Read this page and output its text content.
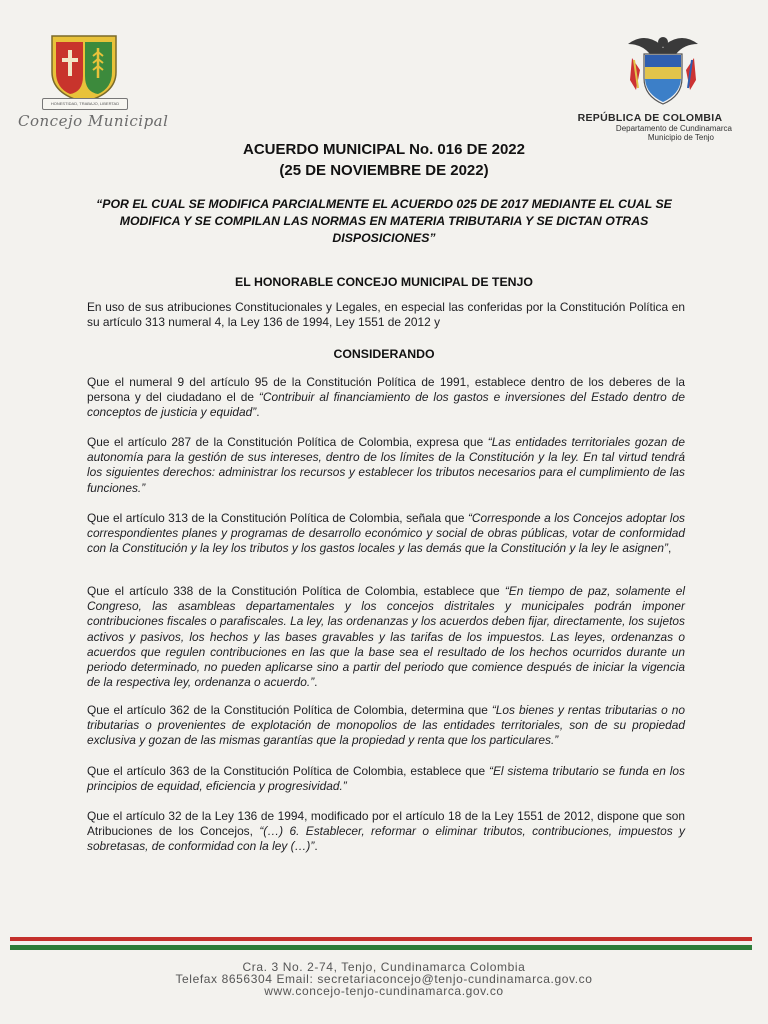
HONESTIDAD, TRABAJO, LIBERTAD
Concejo Municipal	REPÚBLICA DE COLOMBIA
Departamento de Cundinamarca
Municipio de Tenjo
ACUERDO MUNICIPAL No. 016 DE 2022
(25 DE NOVIEMBRE DE 2022)
“POR EL CUAL SE MODIFICA PARCIALMENTE EL ACUERDO 025 DE 2017 MEDIANTE EL CUAL SE MODIFICA Y SE COMPILAN LAS NORMAS EN MATERIA TRIBUTARIA Y SE DICTAN OTRAS DISPOSICIONES”
EL HONORABLE CONCEJO MUNICIPAL DE TENJO
En uso de sus atribuciones Constitucionales y Legales, en especial las conferidas por la Constitución Política en su artículo 313 numeral 4, la Ley 136 de 1994, Ley 1551 de 2012 y
CONSIDERANDO
Que el numeral 9 del artículo 95 de la Constitución Política de 1991, establece dentro de los deberes de la persona y del ciudadano el de “Contribuir al financiamiento de los gastos e inversiones del Estado dentro de conceptos de justicia y equidad”.
Que el artículo 287 de la Constitución Política de Colombia, expresa que “Las entidades territoriales gozan de autonomía para la gestión de sus intereses, dentro de los límites de la Constitución y la ley. En tal virtud tendrá los siguientes derechos: administrar los recursos y establecer los tributos necesarios para el cumplimiento de las funciones.”
Que el artículo 313 de la Constitución Política de Colombia, señala que “Corresponde a los Concejos adoptar los correspondientes planes y programas de desarrollo económico y social de obras públicas, votar de conformidad con la Constitución y la ley los tributos y los gastos locales y las demás que la Constitución y la ley le asignen”,
Que el artículo 338 de la Constitución Política de Colombia, establece que “En tiempo de paz, solamente el Congreso, las asambleas departamentales y los concejos distritales y municipales podrán imponer contribuciones fiscales o parafiscales. La ley, las ordenanzas y los acuerdos deben fijar, directamente, los sujetos activos y pasivos, los hechos y las bases gravables y las tarifas de los impuestos. Las leyes, ordenanzas o acuerdos que regulen contribuciones en las que la base sea el resultado de los hechos ocurridos durante un periodo determinado, no pueden aplicarse sino a partir del periodo que comience después de iniciar la vigencia de la respectiva ley, ordenanza o acuerdo.”.
Que el artículo 362 de la Constitución Política de Colombia, determina que “Los bienes y rentas tributarias o no tributarias o provenientes de explotación de monopolios de las entidades territoriales, son de su propiedad exclusiva y gozan de las mismas garantías que la propiedad y renta que los particulares.”
Que el artículo 363 de la Constitución Política de Colombia, establece que “El sistema tributario se funda en los principios de equidad, eficiencia y progresividad.”
Que el artículo 32 de la Ley 136 de 1994, modificado por el artículo 18 de la Ley 1551 de 2012, dispone que son Atribuciones de los Concejos, “(…) 6. Establecer, reformar o eliminar tributos, contribuciones, impuestos y sobretasas, de conformidad con la ley (…)”.
Cra. 3 No. 2-74, Tenjo, Cundinamarca Colombia
Telefax 8656304 Email: secretariaconcejo@tenjo-cundinamarca.gov.co
www.concejo-tenjo-cundinamarca.gov.co
